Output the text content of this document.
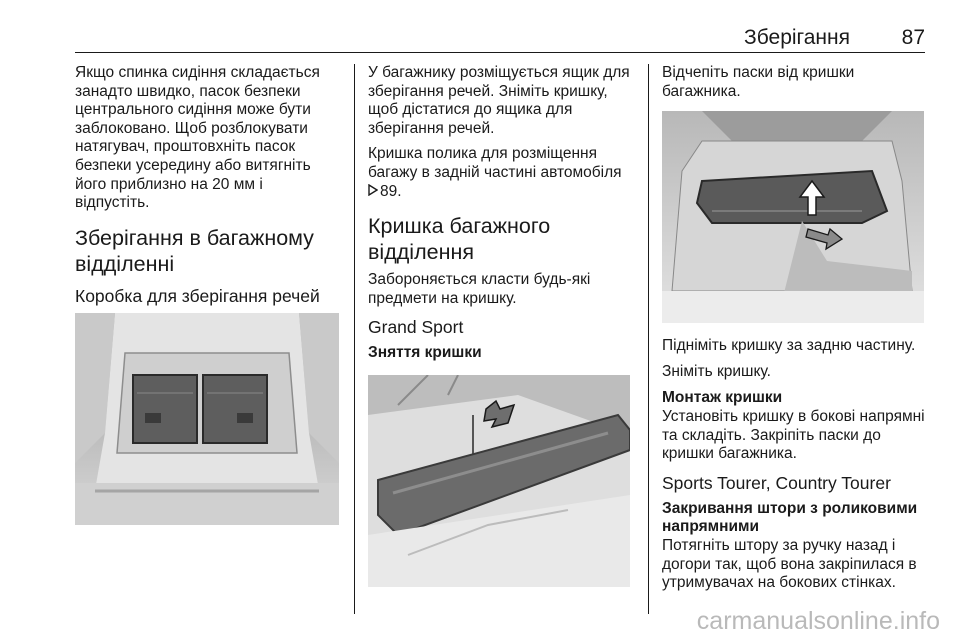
Зберігання 87

Якщо спинка сидіння складається занадто швидко, пасок безпеки центрального сидіння може бути заблоковано. Щоб розблокувати натягувач, проштовхніть пасок безпеки усередину або витягніть його приблизно на 20 мм і відпустіть.

Зберігання в багажному відділенні
Коробка для зберігання речей

У багажнику розміщується ящик для зберігання речей. Зніміть кришку, щоб дістатися до ящика для зберігання речей.

Кришка полика для розміщення багажу в задній частині автомобіля
89.

Кришка багажного відділення

Забороняється класти будь-які предмети на кришку.

Grand Sport
Зняття кришки

Відчепіть паски від кришки багажника.

Підніміть кришку за задню частину.

Зніміть кришку.

Монтаж кришки

Установіть кришку в бокові напрямні та складіть. Закріпіть паски до кришки багажника.

Sports Tourer, Country Tourer
Закривання штори з роликовими напрямними

Потягніть штору за ручку назад і догори так, щоб вона закріпилася в утримувачах на бокових стінках.

carmanualsonline.info
